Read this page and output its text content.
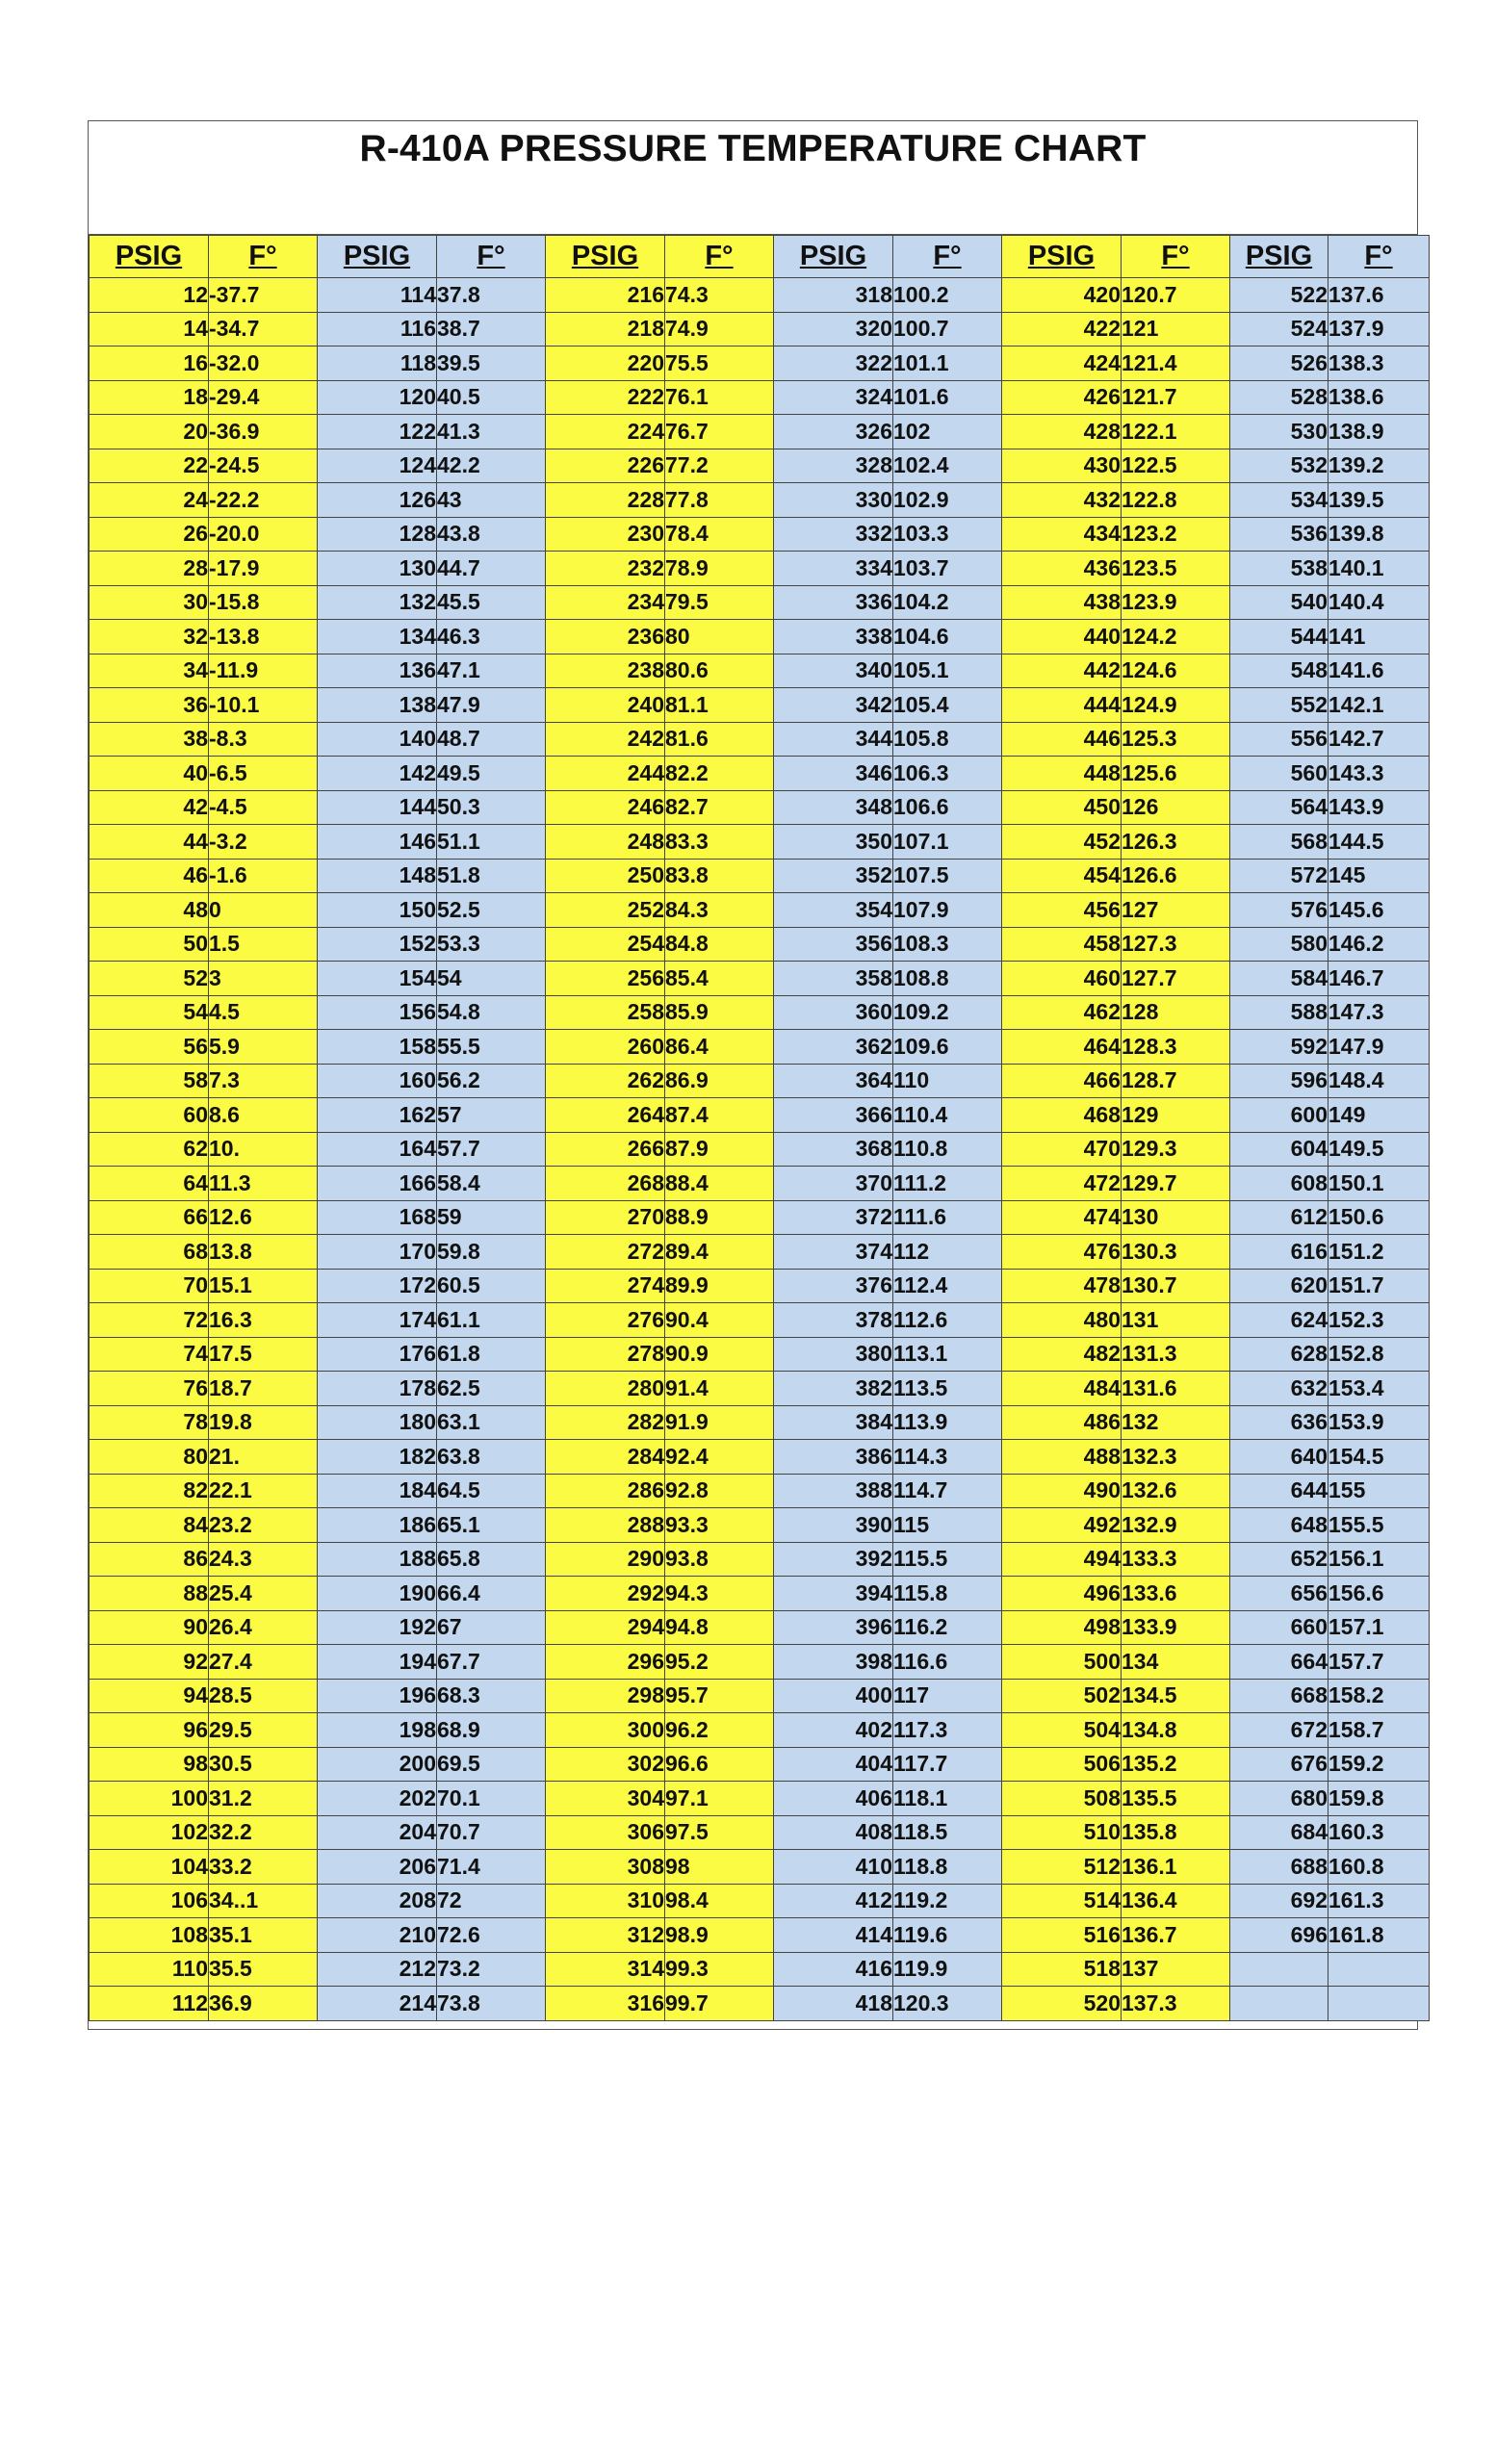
R-410A PRESSURE TEMPERATURE CHART
PSIG	F°	PSIG	F°	PSIG	F°	PSIG	F°	PSIG	F°	PSIG	F°
12	-37.7	114	37.8	216	74.3	318	100.2	420	120.7	522	137.6
14	-34.7	116	38.7	218	74.9	320	100.7	422	121	524	137.9
16	-32.0	118	39.5	220	75.5	322	101.1	424	121.4	526	138.3
18	-29.4	120	40.5	222	76.1	324	101.6	426	121.7	528	138.6
20	-36.9	122	41.3	224	76.7	326	102	428	122.1	530	138.9
22	-24.5	124	42.2	226	77.2	328	102.4	430	122.5	532	139.2
24	-22.2	126	43	228	77.8	330	102.9	432	122.8	534	139.5
26	-20.0	128	43.8	230	78.4	332	103.3	434	123.2	536	139.8
28	-17.9	130	44.7	232	78.9	334	103.7	436	123.5	538	140.1
30	-15.8	132	45.5	234	79.5	336	104.2	438	123.9	540	140.4
32	-13.8	134	46.3	236	80	338	104.6	440	124.2	544	141
34	-11.9	136	47.1	238	80.6	340	105.1	442	124.6	548	141.6
36	-10.1	138	47.9	240	81.1	342	105.4	444	124.9	552	142.1
38	-8.3	140	48.7	242	81.6	344	105.8	446	125.3	556	142.7
40	-6.5	142	49.5	244	82.2	346	106.3	448	125.6	560	143.3
42	-4.5	144	50.3	246	82.7	348	106.6	450	126	564	143.9
44	-3.2	146	51.1	248	83.3	350	107.1	452	126.3	568	144.5
46	-1.6	148	51.8	250	83.8	352	107.5	454	126.6	572	145
48	0	150	52.5	252	84.3	354	107.9	456	127	576	145.6
50	1.5	152	53.3	254	84.8	356	108.3	458	127.3	580	146.2
52	3	154	54	256	85.4	358	108.8	460	127.7	584	146.7
54	4.5	156	54.8	258	85.9	360	109.2	462	128	588	147.3
56	5.9	158	55.5	260	86.4	362	109.6	464	128.3	592	147.9
58	7.3	160	56.2	262	86.9	364	110	466	128.7	596	148.4
60	8.6	162	57	264	87.4	366	110.4	468	129	600	149
62	10.	164	57.7	266	87.9	368	110.8	470	129.3	604	149.5
64	11.3	166	58.4	268	88.4	370	111.2	472	129.7	608	150.1
66	12.6	168	59	270	88.9	372	111.6	474	130	612	150.6
68	13.8	170	59.8	272	89.4	374	112	476	130.3	616	151.2
70	15.1	172	60.5	274	89.9	376	112.4	478	130.7	620	151.7
72	16.3	174	61.1	276	90.4	378	112.6	480	131	624	152.3
74	17.5	176	61.8	278	90.9	380	113.1	482	131.3	628	152.8
76	18.7	178	62.5	280	91.4	382	113.5	484	131.6	632	153.4
78	19.8	180	63.1	282	91.9	384	113.9	486	132	636	153.9
80	21.	182	63.8	284	92.4	386	114.3	488	132.3	640	154.5
82	22.1	184	64.5	286	92.8	388	114.7	490	132.6	644	155
84	23.2	186	65.1	288	93.3	390	115	492	132.9	648	155.5
86	24.3	188	65.8	290	93.8	392	115.5	494	133.3	652	156.1
88	25.4	190	66.4	292	94.3	394	115.8	496	133.6	656	156.6
90	26.4	192	67	294	94.8	396	116.2	498	133.9	660	157.1
92	27.4	194	67.7	296	95.2	398	116.6	500	134	664	157.7
94	28.5	196	68.3	298	95.7	400	117	502	134.5	668	158.2
96	29.5	198	68.9	300	96.2	402	117.3	504	134.8	672	158.7
98	30.5	200	69.5	302	96.6	404	117.7	506	135.2	676	159.2
100	31.2	202	70.1	304	97.1	406	118.1	508	135.5	680	159.8
102	32.2	204	70.7	306	97.5	408	118.5	510	135.8	684	160.3
104	33.2	206	71.4	308	98	410	118.8	512	136.1	688	160.8
106	34..1	208	72	310	98.4	412	119.2	514	136.4	692	161.3
108	35.1	210	72.6	312	98.9	414	119.6	516	136.7	696	161.8
110	35.5	212	73.2	314	99.3	416	119.9	518	137		
112	36.9	214	73.8	316	99.7	418	120.3	520	137.3		
